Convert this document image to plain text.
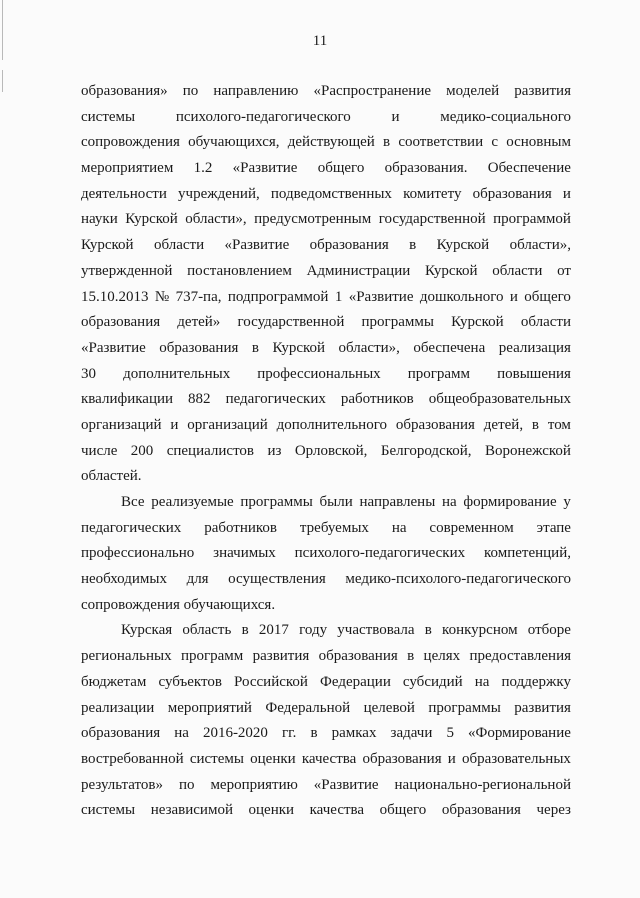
11
образования» по направлению «Распространение моделей развития
системы	психолого-педагогического	и	медико-социального
сопровождения обучающихся, действующей в соответствии с основным
мероприятием 1.2 «Развитие общего образования. Обеспечение
деятельности учреждений, подведомственных комитету образования и
науки Курской области», предусмотренным государственной программой
Курской области «Развитие образования в Курской области»,
утвержденной постановлением Администрации Курской области от
15.10.2013 № 737-па, подпрограммой 1 «Развитие дошкольного и общего
образования детей» государственной программы Курской области
«Развитие образования в Курской области», обеспечена реализация
30 дополнительных профессиональных программ повышения
квалификации 882 педагогических работников общеобразовательных
организаций и организаций дополнительного образования детей, в том
числе 200 специалистов из Орловской, Белгородской, Воронежской
областей.
Все реализуемые программы были направлены на формирование у
педагогических работников требуемых на современном этапе
профессионально значимых психолого-педагогических компетенций,
необходимых для осуществления медико-психолого-педагогического
сопровождения обучающихся.
Курская область в 2017 году участвовала в конкурсном отборе
региональных программ развития образования в целях предоставления
бюджетам субъектов Российской Федерации субсидий на поддержку
реализации мероприятий Федеральной целевой программы развития
образования на 2016-2020 гг. в рамках задачи 5 «Формирование
востребованной системы оценки качества образования и образовательных
результатов» по мероприятию «Развитие национально-региональной
системы независимой оценки качества общего образования через
